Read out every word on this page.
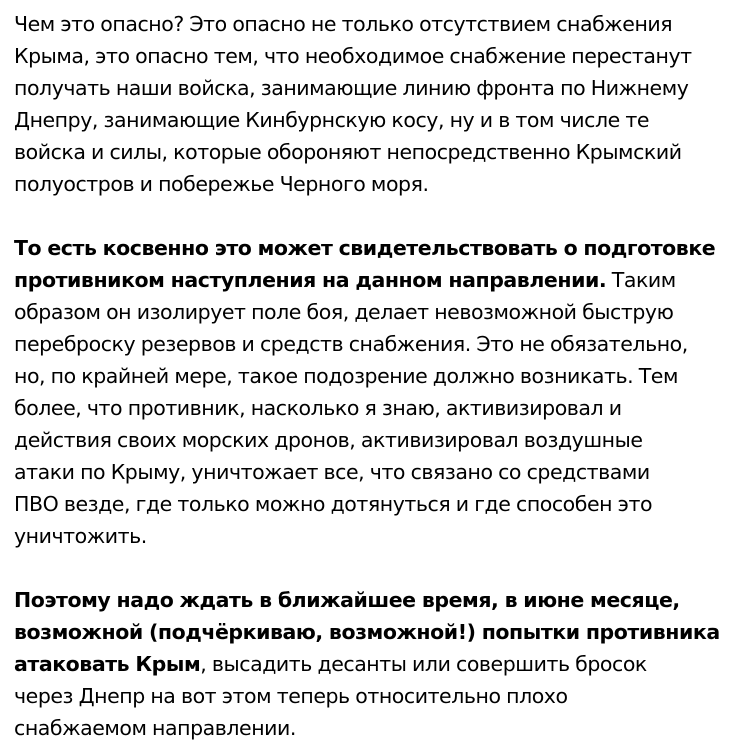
Чем это опасно? Это опасно не только отсутствием снабжения
Крыма, это опасно тем, что необходимое снабжение перестанут
получать наши войска, занимающие линию фронта по Нижнему
Днепру, занимающие Кинбурнскую косу, ну и в том числе те
войска и силы, которые обороняют непосредственно Крымский
полуостров и побережье Черного моря.

То есть косвенно это может свидетельствовать о подготовке
противником наступления на данном направлении. Таким
образом он изолирует поле боя, делает невозможной быструю
переброску резервов и средств снабжения. Это не обязательно,
но, по крайней мере, такое подозрение должно возникать. Тем
более, что противник, насколько я знаю, активизировал и
действия своих морских дронов, активизировал воздушные
атаки по Крыму, уничтожает все, что связано со средствами
ПВО везде, где только можно дотянуться и где способен это
уничтожить.

Поэтому надо ждать в ближайшее время, в июне месяце,
возможной (подчёркиваю, возможной!) попытки противника
атаковать Крым, высадить десанты или совершить бросок
через Днепр на вот этом теперь относительно плохо
снабжаемом направлении.
